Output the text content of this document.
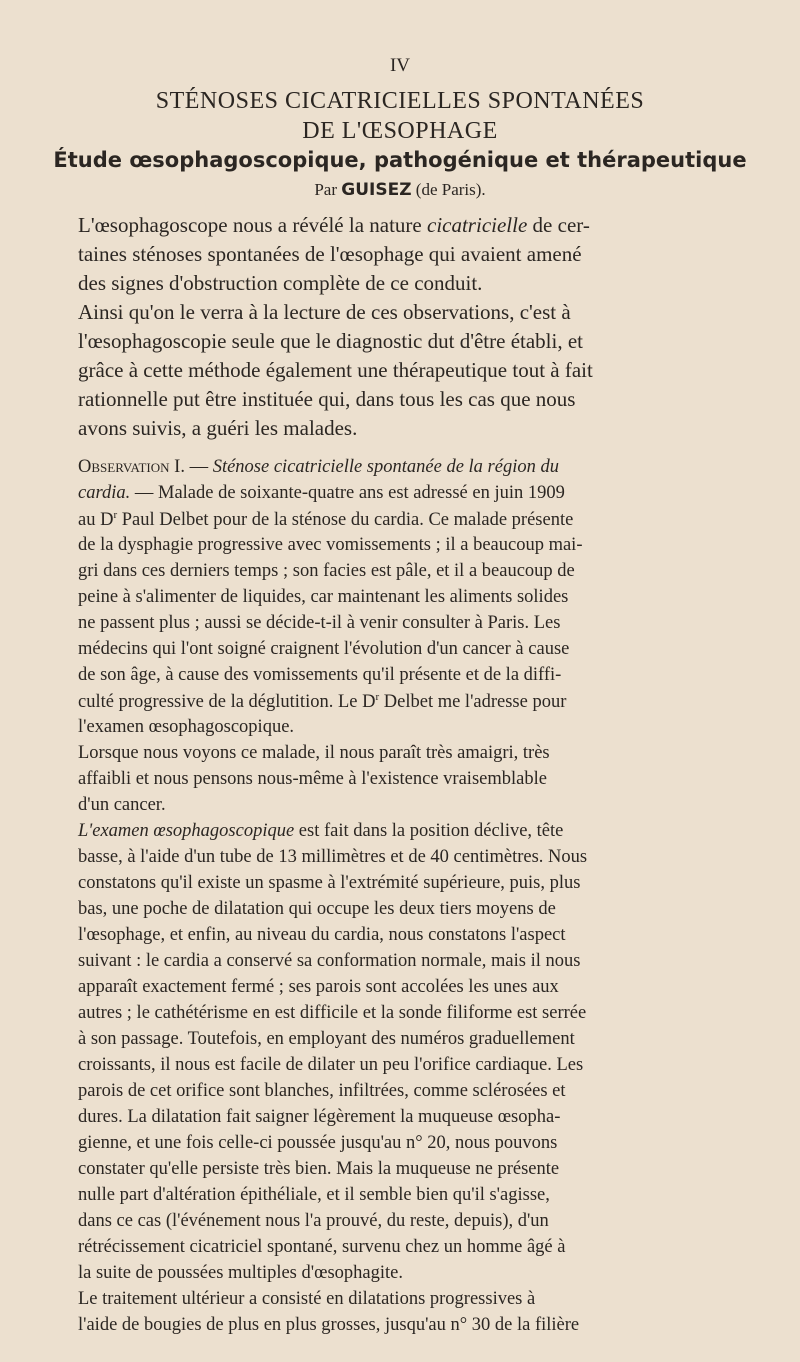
IV
STÉNOSES CICATRICIELLES SPONTANÉES
DE L'ŒSOPHAGE
Étude œsophagoscopique, pathogénique et thérapeutique
Par GUISEZ (de Paris).
L'œsophagoscope nous a révélé la nature cicatricielle de cer-
taines sténoses spontanées de l'œsophage qui avaient amené
des signes d'obstruction complète de ce conduit.
Ainsi qu'on le verra à la lecture de ces observations, c'est à
l'œsophagoscopie seule que le diagnostic dut d'être établi, et
grâce à cette méthode également une thérapeutique tout à fait
rationnelle put être instituée qui, dans tous les cas que nous
avons suivis, a guéri les malades.
Observation I. — Sténose cicatricielle spontanée de la région du
cardia. — Malade de soixante-quatre ans est adressé en juin 1909
au $D^r$ Paul Delbet pour de la sténose du cardia. Ce malade présente
de la dysphagie progressive avec vomissements ; il a beaucoup mai-
gri dans ces derniers temps ; son facies est pâle, et il a beaucoup de
peine à s'alimenter de liquides, car maintenant les aliments solides
ne passent plus ; aussi se décide-t-il à venir consulter à Paris. Les
médecins qui l'ont soigné craignent l'évolution d'un cancer à cause
de son âge, à cause des vomissements qu'il présente et de la diffi-
culté progressive de la déglutition. Le $D^r$ Delbet me l'adresse pour
l'examen œsophagoscopique.
Lorsque nous voyons ce malade, il nous paraît très amaigri, très
affaibli et nous pensons nous-même à l'existence vraisemblable
d'un cancer.
L'examen œsophagoscopique est fait dans la position déclive, tête
basse, à l'aide d'un tube de 13 millimètres et de 40 centimètres. Nous
constatons qu'il existe un spasme à l'extrémité supérieure, puis, plus
bas, une poche de dilatation qui occupe les deux tiers moyens de
l'œsophage, et enfin, au niveau du cardia, nous constatons l'aspect
suivant : le cardia a conservé sa conformation normale, mais il nous
apparaît exactement fermé ; ses parois sont accolées les unes aux
autres ; le cathétérisme en est difficile et la sonde filiforme est serrée
à son passage. Toutefois, en employant des numéros graduellement
croissants, il nous est facile de dilater un peu l'orifice cardiaque. Les
parois de cet orifice sont blanches, infiltrées, comme sclérosées et
dures. La dilatation fait saigner légèrement la muqueuse œsopha-
gienne, et une fois celle-ci poussée jusqu'au n° 20, nous pouvons
constater qu'elle persiste très bien. Mais la muqueuse ne présente
nulle part d'altération épithéliale, et il semble bien qu'il s'agisse,
dans ce cas (l'événement nous l'a prouvé, du reste, depuis), d'un
rétrécissement cicatriciel spontané, survenu chez un homme âgé à
la suite de poussées multiples d'œsophagite.
Le traitement ultérieur a consisté en dilatations progressives à
l'aide de bougies de plus en plus grosses, jusqu'au n° 30 de la filière
